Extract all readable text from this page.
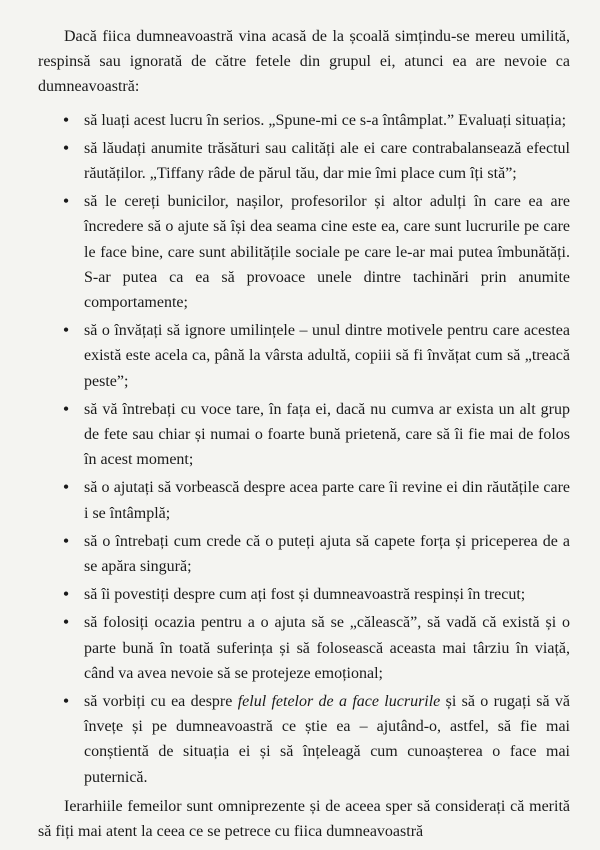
Dacă fiica dumneavoastră vina acasă de la școală simțindu-se mereu umilită, respinsă sau ignorată de către fetele din grupul ei, atunci ea are nevoie ca dumneavoastră:

• să luați acest lucru în serios. „Spune-mi ce s-a întâmplat.” Evaluați situația;
• să lăudați anumite trăsături sau calități ale ei care contrabalansează efectul răutăților. „Tiffany râde de părul tău, dar mie îmi place cum îți stă”;
• să le cereți bunicilor, nașilor, profesorilor și altor adulți în care ea are încredere să o ajute să își dea seama cine este ea, care sunt lucrurile pe care le face bine, care sunt abilitățile sociale pe care le-ar mai putea îmbunătăți. S-ar putea ca ea să provoace unele dintre tachinări prin anumite comportamente;
• să o învățați să ignore umilințele – unul dintre motivele pentru care acestea există este acela ca, până la vârsta adultă, copiii să fi învățat cum să „treacă peste”;
• să vă întrebați cu voce tare, în fața ei, dacă nu cumva ar exista un alt grup de fete sau chiar și numai o foarte bună prietenă, care să îi fie mai de folos în acest moment;
• să o ajutați să vorbească despre acea parte care îi revine ei din răutățile care i se întâmplă;
• să o întrebați cum crede că o puteți ajuta să capete forța și priceperea de a se apăra singură;
• să îi povestiți despre cum ați fost și dumneavoastră respinși în trecut;
• să folosiți ocazia pentru a o ajuta să se „călească”, să vadă că există și o parte bună în toată suferința și să folosească aceasta mai târziu în viață, când va avea nevoie să se protejeze emoțional;
• să vorbiți cu ea despre felul fetelor de a face lucrurile și să o rugați să vă învețe și pe dumneavoastră ce știe ea – ajutând-o, astfel, să fie mai conștientă de situația ei și să înțeleagă cum cunoașterea o face mai puternică.

Ierarhiile femeilor sunt omniprezente și de aceea sper să considerați că merită să fiți mai atent la ceea ce se petrece cu fiica dumneavoastră
